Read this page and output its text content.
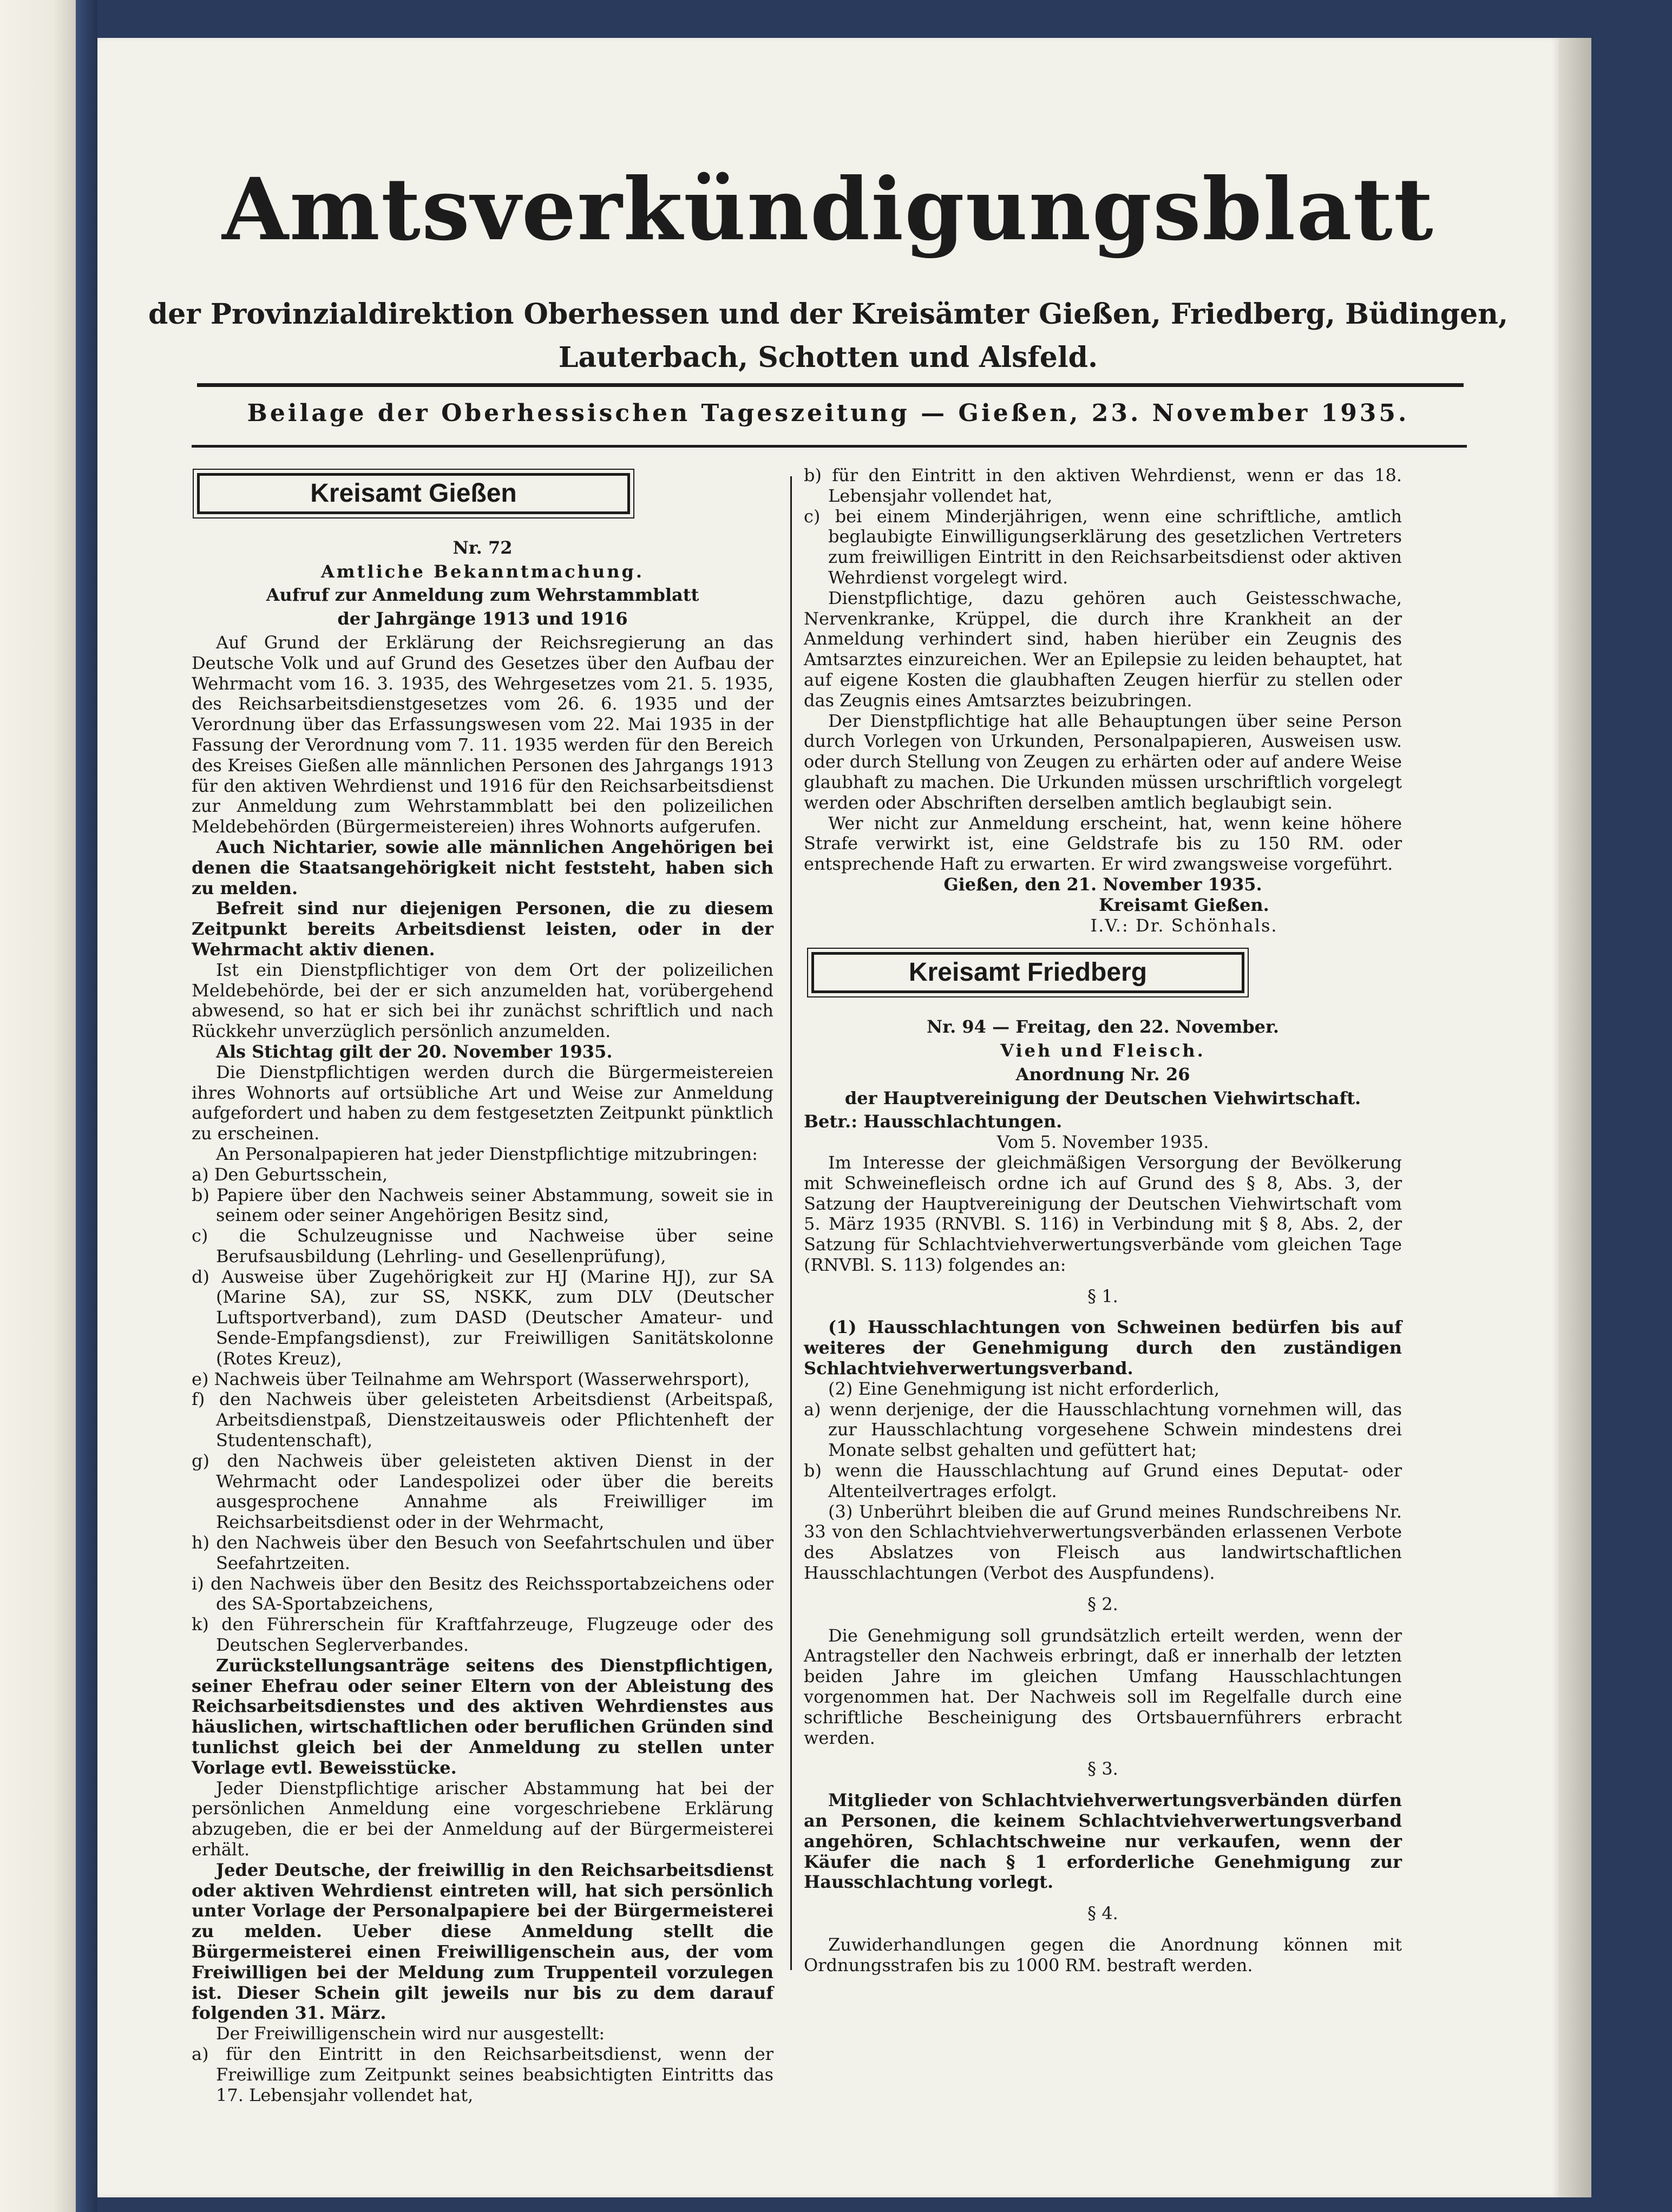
Amtsverkündigungsblatt
der Provinzialdirektion Oberhessen und der Kreisämter Gießen, Friedberg, Büdingen,
Lauterbach, Schotten und Alsfeld.
Beilage der Oberhessischen Tageszeitung — Gießen, 23. November 1935.
Kreisamt Gießen

Nr. 72

Amtliche Bekanntmachung.

Aufruf zur Anmeldung zum Wehrstammblatt

der Jahrgänge 1913 und 1916

Auf Grund der Erklärung der Reichsregierung an das Deutsche Volk und auf Grund des Gesetzes über den Aufbau der Wehrmacht vom 16. 3. 1935, des Wehrgesetzes vom 21. 5. 1935, des Reichsarbeitsdienstgesetzes vom 26. 6. 1935 und der Verordnung über das Erfassungswesen vom 22. Mai 1935 in der Fassung der Verordnung vom 7. 11. 1935 werden für den Bereich des Kreises Gießen alle männlichen Personen des Jahrgangs 1913 für den aktiven Wehrdienst und 1916 für den Reichsarbeitsdienst zur Anmeldung zum Wehrstammblatt bei den polizeilichen Meldebehörden (Bürgermeistereien) ihres Wohnorts aufgerufen.

Auch Nichtarier, sowie alle männlichen Angehörigen bei denen die Staatsangehörigkeit nicht feststeht, haben sich zu melden.

Befreit sind nur diejenigen Personen, die zu diesem Zeitpunkt bereits Arbeitsdienst leisten, oder in der Wehrmacht aktiv dienen.

Ist ein Dienstpflichtiger von dem Ort der polizeilichen Meldebehörde, bei der er sich anzumelden hat, vorübergehend abwesend, so hat er sich bei ihr zunächst schriftlich und nach Rückkehr unverzüglich persönlich anzumelden.

Als Stichtag gilt der 20. November 1935.

Die Dienstpflichtigen werden durch die Bürgermeistereien ihres Wohnorts auf ortsübliche Art und Weise zur Anmeldung aufgefordert und haben zu dem festgesetzten Zeitpunkt pünktlich zu erscheinen.

An Personalpapieren hat jeder Dienstpflichtige mitzubringen:

a) Den Geburtsschein,

b) Papiere über den Nachweis seiner Abstammung, soweit sie in seinem oder seiner Angehörigen Besitz sind,

c) die Schulzeugnisse und Nachweise über seine Berufsausbildung (Lehrling- und Gesellenprüfung),

d) Ausweise über Zugehörigkeit zur HJ (Marine HJ), zur SA (Marine SA), zur SS, NSKK, zum DLV (Deutscher Luftsportverband), zum DASD (Deutscher Amateur- und Sende-Empfangsdienst), zur Freiwilligen Sanitätskolonne (Rotes Kreuz),

e) Nachweis über Teilnahme am Wehrsport (Wasserwehrsport),

f) den Nachweis über geleisteten Arbeitsdienst (Arbeitspaß, Arbeitsdienstpaß, Dienstzeitausweis oder Pflichtenheft der Studentenschaft),

g) den Nachweis über geleisteten aktiven Dienst in der Wehrmacht oder Landespolizei oder über die bereits ausgesprochene Annahme als Freiwilliger im Reichsarbeitsdienst oder in der Wehrmacht,

h) den Nachweis über den Besuch von Seefahrtschulen und über Seefahrtzeiten.

i) den Nachweis über den Besitz des Reichssportabzeichens oder des SA-Sportabzeichens,

k) den Führerschein für Kraftfahrzeuge, Flugzeuge oder des Deutschen Seglerverbandes.

Zurückstellungsanträge seitens des Dienstpflichtigen, seiner Ehefrau oder seiner Eltern von der Ableistung des Reichsarbeitsdienstes und des aktiven Wehrdienstes aus häuslichen, wirtschaftlichen oder beruflichen Gründen sind tunlichst gleich bei der Anmeldung zu stellen unter Vorlage evtl. Beweisstücke.

Jeder Dienstpflichtige arischer Abstammung hat bei der persönlichen Anmeldung eine vorgeschriebene Erklärung abzugeben, die er bei der Anmeldung auf der Bürgermeisterei erhält.

Jeder Deutsche, der freiwillig in den Reichsarbeitsdienst oder aktiven Wehrdienst eintreten will, hat sich persönlich unter Vorlage der Personalpapiere bei der Bürgermeisterei zu melden. Ueber diese Anmeldung stellt die Bürgermeisterei einen Freiwilligenschein aus, der vom Freiwilligen bei der Meldung zum Truppenteil vorzulegen ist. Dieser Schein gilt jeweils nur bis zu dem darauf folgenden 31. März.

Der Freiwilligenschein wird nur ausgestellt:

a) für den Eintritt in den Reichsarbeitsdienst, wenn der Freiwillige zum Zeitpunkt seines beabsichtigten Eintritts das 17. Lebensjahr vollendet hat,

b) für den Eintritt in den aktiven Wehrdienst, wenn er das 18. Lebensjahr vollendet hat,

c) bei einem Minderjährigen, wenn eine schriftliche, amtlich beglaubigte Einwilligungserklärung des gesetzlichen Vertreters zum freiwilligen Eintritt in den Reichsarbeitsdienst oder aktiven Wehrdienst vorgelegt wird.

Dienstpflichtige, dazu gehören auch Geistesschwache, Nervenkranke, Krüppel, die durch ihre Krankheit an der Anmeldung verhindert sind, haben hierüber ein Zeugnis des Amtsarztes einzureichen. Wer an Epilepsie zu leiden behauptet, hat auf eigene Kosten die glaubhaften Zeugen hierfür zu stellen oder das Zeugnis eines Amtsarztes beizubringen.

Der Dienstpflichtige hat alle Behauptungen über seine Person durch Vorlegen von Urkunden, Personalpapieren, Ausweisen usw. oder durch Stellung von Zeugen zu erhärten oder auf andere Weise glaubhaft zu machen. Die Urkunden müssen urschriftlich vorgelegt werden oder Abschriften derselben amtlich beglaubigt sein.

Wer nicht zur Anmeldung erscheint, hat, wenn keine höhere Strafe verwirkt ist, eine Geldstrafe bis zu 150 RM. oder entsprechende Haft zu erwarten. Er wird zwangsweise vorgeführt.

Gießen, den 21. November 1935.

Kreisamt Gießen.

I.V.: Dr. Schönhals.

Kreisamt Friedberg

Nr. 94 — Freitag, den 22. November.

Vieh und Fleisch.

Anordnung Nr. 26

der Hauptvereinigung der Deutschen Viehwirtschaft.

Betr.: Hausschlachtungen.

Vom 5. November 1935.

Im Interesse der gleichmäßigen Versorgung der Bevölkerung mit Schweinefleisch ordne ich auf Grund des § 8, Abs. 3, der Satzung der Hauptvereinigung der Deutschen Viehwirtschaft vom 5. März 1935 (RNVBl. S. 116) in Verbindung mit § 8, Abs. 2, der Satzung für Schlachtviehverwertungsverbände vom gleichen Tage (RNVBl. S. 113) folgendes an:

§ 1.

(1) Hausschlachtungen von Schweinen bedürfen bis auf weiteres der Genehmigung durch den zuständigen Schlachtviehverwertungsverband.

(2) Eine Genehmigung ist nicht erforderlich,

a) wenn derjenige, der die Hausschlachtung vornehmen will, das zur Hausschlachtung vorgesehene Schwein mindestens drei Monate selbst gehalten und gefüttert hat;

b) wenn die Hausschlachtung auf Grund eines Deputat- oder Altenteilvertrages erfolgt.

(3) Unberührt bleiben die auf Grund meines Rundschreibens Nr. 33 von den Schlachtviehverwertungsverbänden erlassenen Verbote des Abslatzes von Fleisch aus landwirtschaftlichen Hausschlachtungen (Verbot des Auspfundens).

§ 2.

Die Genehmigung soll grundsätzlich erteilt werden, wenn der Antragsteller den Nachweis erbringt, daß er innerhalb der letzten beiden Jahre im gleichen Umfang Hausschlachtungen vorgenommen hat. Der Nachweis soll im Regelfalle durch eine schriftliche Bescheinigung des Ortsbauernführers erbracht werden.

§ 3.

Mitglieder von Schlachtviehverwertungsverbänden dürfen an Personen, die keinem Schlachtviehverwertungsverband angehören, Schlachtschweine nur verkaufen, wenn der Käufer die nach § 1 erforderliche Genehmigung zur Hausschlachtung vorlegt.

§ 4.

Zuwiderhandlungen gegen die Anordnung können mit Ordnungsstrafen bis zu 1000 RM. bestraft werden.
